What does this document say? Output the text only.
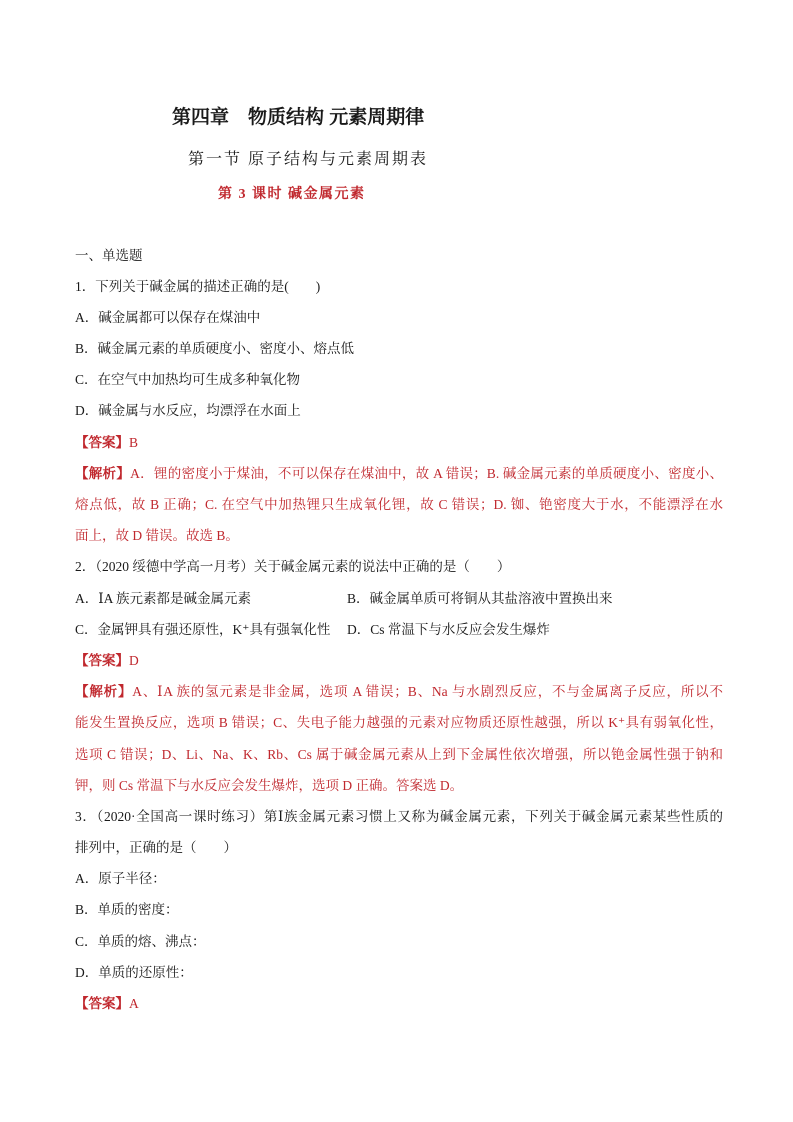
第四章　物质结构 元素周期律
第一节 原子结构与元素周期表
第 3 课时 碱金属元素
一、单选题
1．下列关于碱金属的描述正确的是(　　)
A．碱金属都可以保存在煤油中
B．碱金属元素的单质硬度小、密度小、熔点低
C．在空气中加热均可生成多种氧化物
D．碱金属与水反应，均漂浮在水面上
【答案】B
【解析】A．锂的密度小于煤油，不可以保存在煤油中，故 A 错误；B. 碱金属元素的单质硬度小、密度小、
熔点低，故 B 正确；C. 在空气中加热锂只生成氧化锂，故 C 错误；D. 铷、铯密度大于水，不能漂浮在水
面上，故 D 错误。故选 B。
2．（2020 绥德中学高一月考）关于碱金属元素的说法中正确的是（　　）
A．ⅠA 族元素都是碱金属元素	B．碱金属单质可将铜从其盐溶液中置换出来
C．金属钾具有强还原性，K⁺具有强氧化性	D．Cs 常温下与水反应会发生爆炸
【答案】D
【解析】A、ⅠA 族的氢元素是非金属，选项 A 错误；B、Na 与水剧烈反应，不与金属离子反应，所以不
能发生置换反应，选项 B 错误；C、失电子能力越强的元素对应物质还原性越强，所以 K⁺具有弱氧化性，
选项 C 错误；D、Li、Na、K、Rb、Cs 属于碱金属元素从上到下金属性依次增强，所以铯金属性强于钠和
钾，则 Cs 常温下与水反应会发生爆炸，选项 D 正确。答案选 D。
3．（2020·全国高一课时练习）第Ⅰ族金属元素习惯上又称为碱金属元素，下列关于碱金属元素某些性质的
排列中，正确的是（　　）
A．原子半径：
B．单质的密度：
C．单质的熔、沸点：
D．单质的还原性：
【答案】A
